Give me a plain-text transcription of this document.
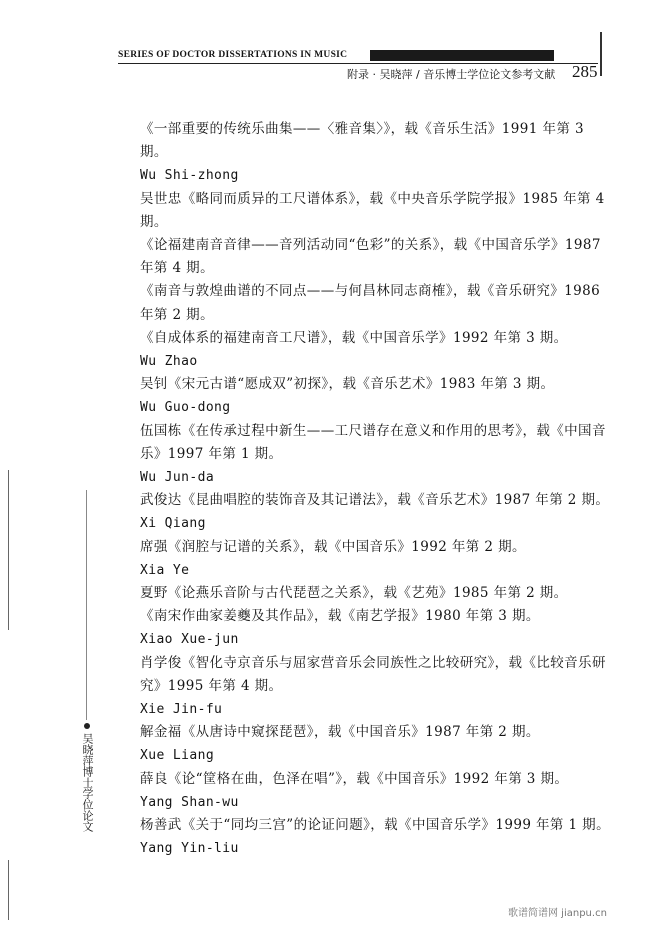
SERIES OF DOCTOR DISSERTATIONS IN MUSIC
附录 · 吴晓萍 / 音乐博士学位论文参考文献 285
吴晓萍博士学位论文
《一部重要的传统乐曲集——〈雅音集〉》，载《音乐生活》1991 年第 3 期。
Wu Shi-zhong
吴世忠《略同而质异的工尺谱体系》，载《中央音乐学院学报》1985 年第 4 期。
《论福建南音音律——音列活动同“色彩”的关系》，载《中国音乐学》1987 年第 4 期。
《南音与敦煌曲谱的不同点——与何昌林同志商榷》，载《音乐研究》1986 年第 2 期。
《自成体系的福建南音工尺谱》，载《中国音乐学》1992 年第 3 期。
Wu Zhao
吴钊《宋元古谱“愿成双”初探》，载《音乐艺术》1983 年第 3 期。
Wu Guo-dong
伍国栋《在传承过程中新生——工尺谱存在意义和作用的思考》，载《中国音乐》1997 年第 1 期。
Wu Jun-da
武俊达《昆曲唱腔的装饰音及其记谱法》，载《音乐艺术》1987 年第 2 期。
Xi Qiang
席强《润腔与记谱的关系》，载《中国音乐》1992 年第 2 期。
Xia Ye
夏野《论燕乐音阶与古代琵琶之关系》，载《艺苑》1985 年第 2 期。
《南宋作曲家姜夔及其作品》，载《南艺学报》1980 年第 3 期。
Xiao Xue-jun
肖学俊《智化寺京音乐与屈家营音乐会同族性之比较研究》，载《比较音乐研究》1995 年第 4 期。
Xie Jin-fu
解金福《从唐诗中窥探琵琶》，载《中国音乐》1987 年第 2 期。
Xue Liang
薛良《论“筐格在曲，色泽在唱”》，载《中国音乐》1992 年第 3 期。
Yang Shan-wu
杨善武《关于“同均三宫”的论证问题》，载《中国音乐学》1999 年第 1 期。
Yang Yin-liu
歌谱简谱网 jianpu.cn
